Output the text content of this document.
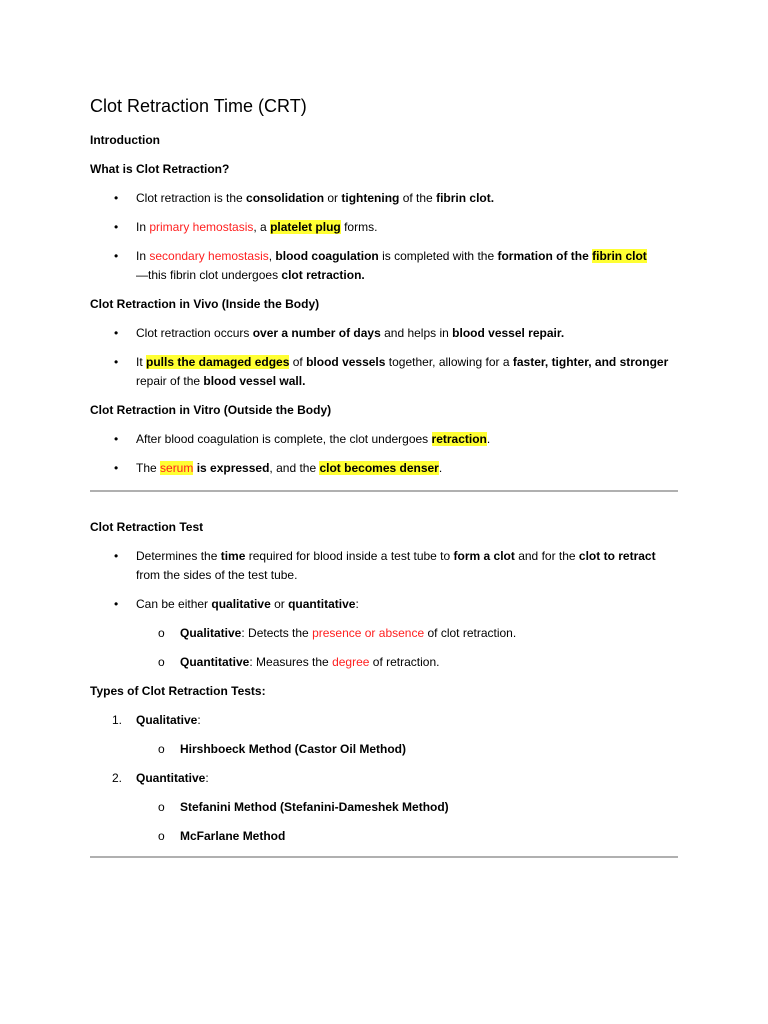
Clot Retraction Time (CRT)
Introduction
What is Clot Retraction?
• Clot retraction is the consolidation or tightening of the fibrin clot.
• In primary hemostasis, a platelet plug forms.
• In secondary hemostasis, blood coagulation is completed with the formation of the fibrin clot
—this fibrin clot undergoes clot retraction.
Clot Retraction in Vivo (Inside the Body)
• Clot retraction occurs over a number of days and helps in blood vessel repair.
• It pulls the damaged edges of blood vessels together, allowing for a faster, tighter, and stronger repair of the blood vessel wall.
Clot Retraction in Vitro (Outside the Body)
• After blood coagulation is complete, the clot undergoes retraction.
• The serum is expressed, and the clot becomes denser.
Clot Retraction Test
• Determines the time required for blood inside a test tube to form a clot and for the clot to retract from the sides of the test tube.
• Can be either qualitative or quantitative:
o Qualitative: Detects the presence or absence of clot retraction.
o Quantitative: Measures the degree of retraction.
Types of Clot Retraction Tests:
1. Qualitative:
o Hirshboeck Method (Castor Oil Method)
2. Quantitative:
o Stefanini Method (Stefanini-Dameshek Method)
o McFarlane Method
